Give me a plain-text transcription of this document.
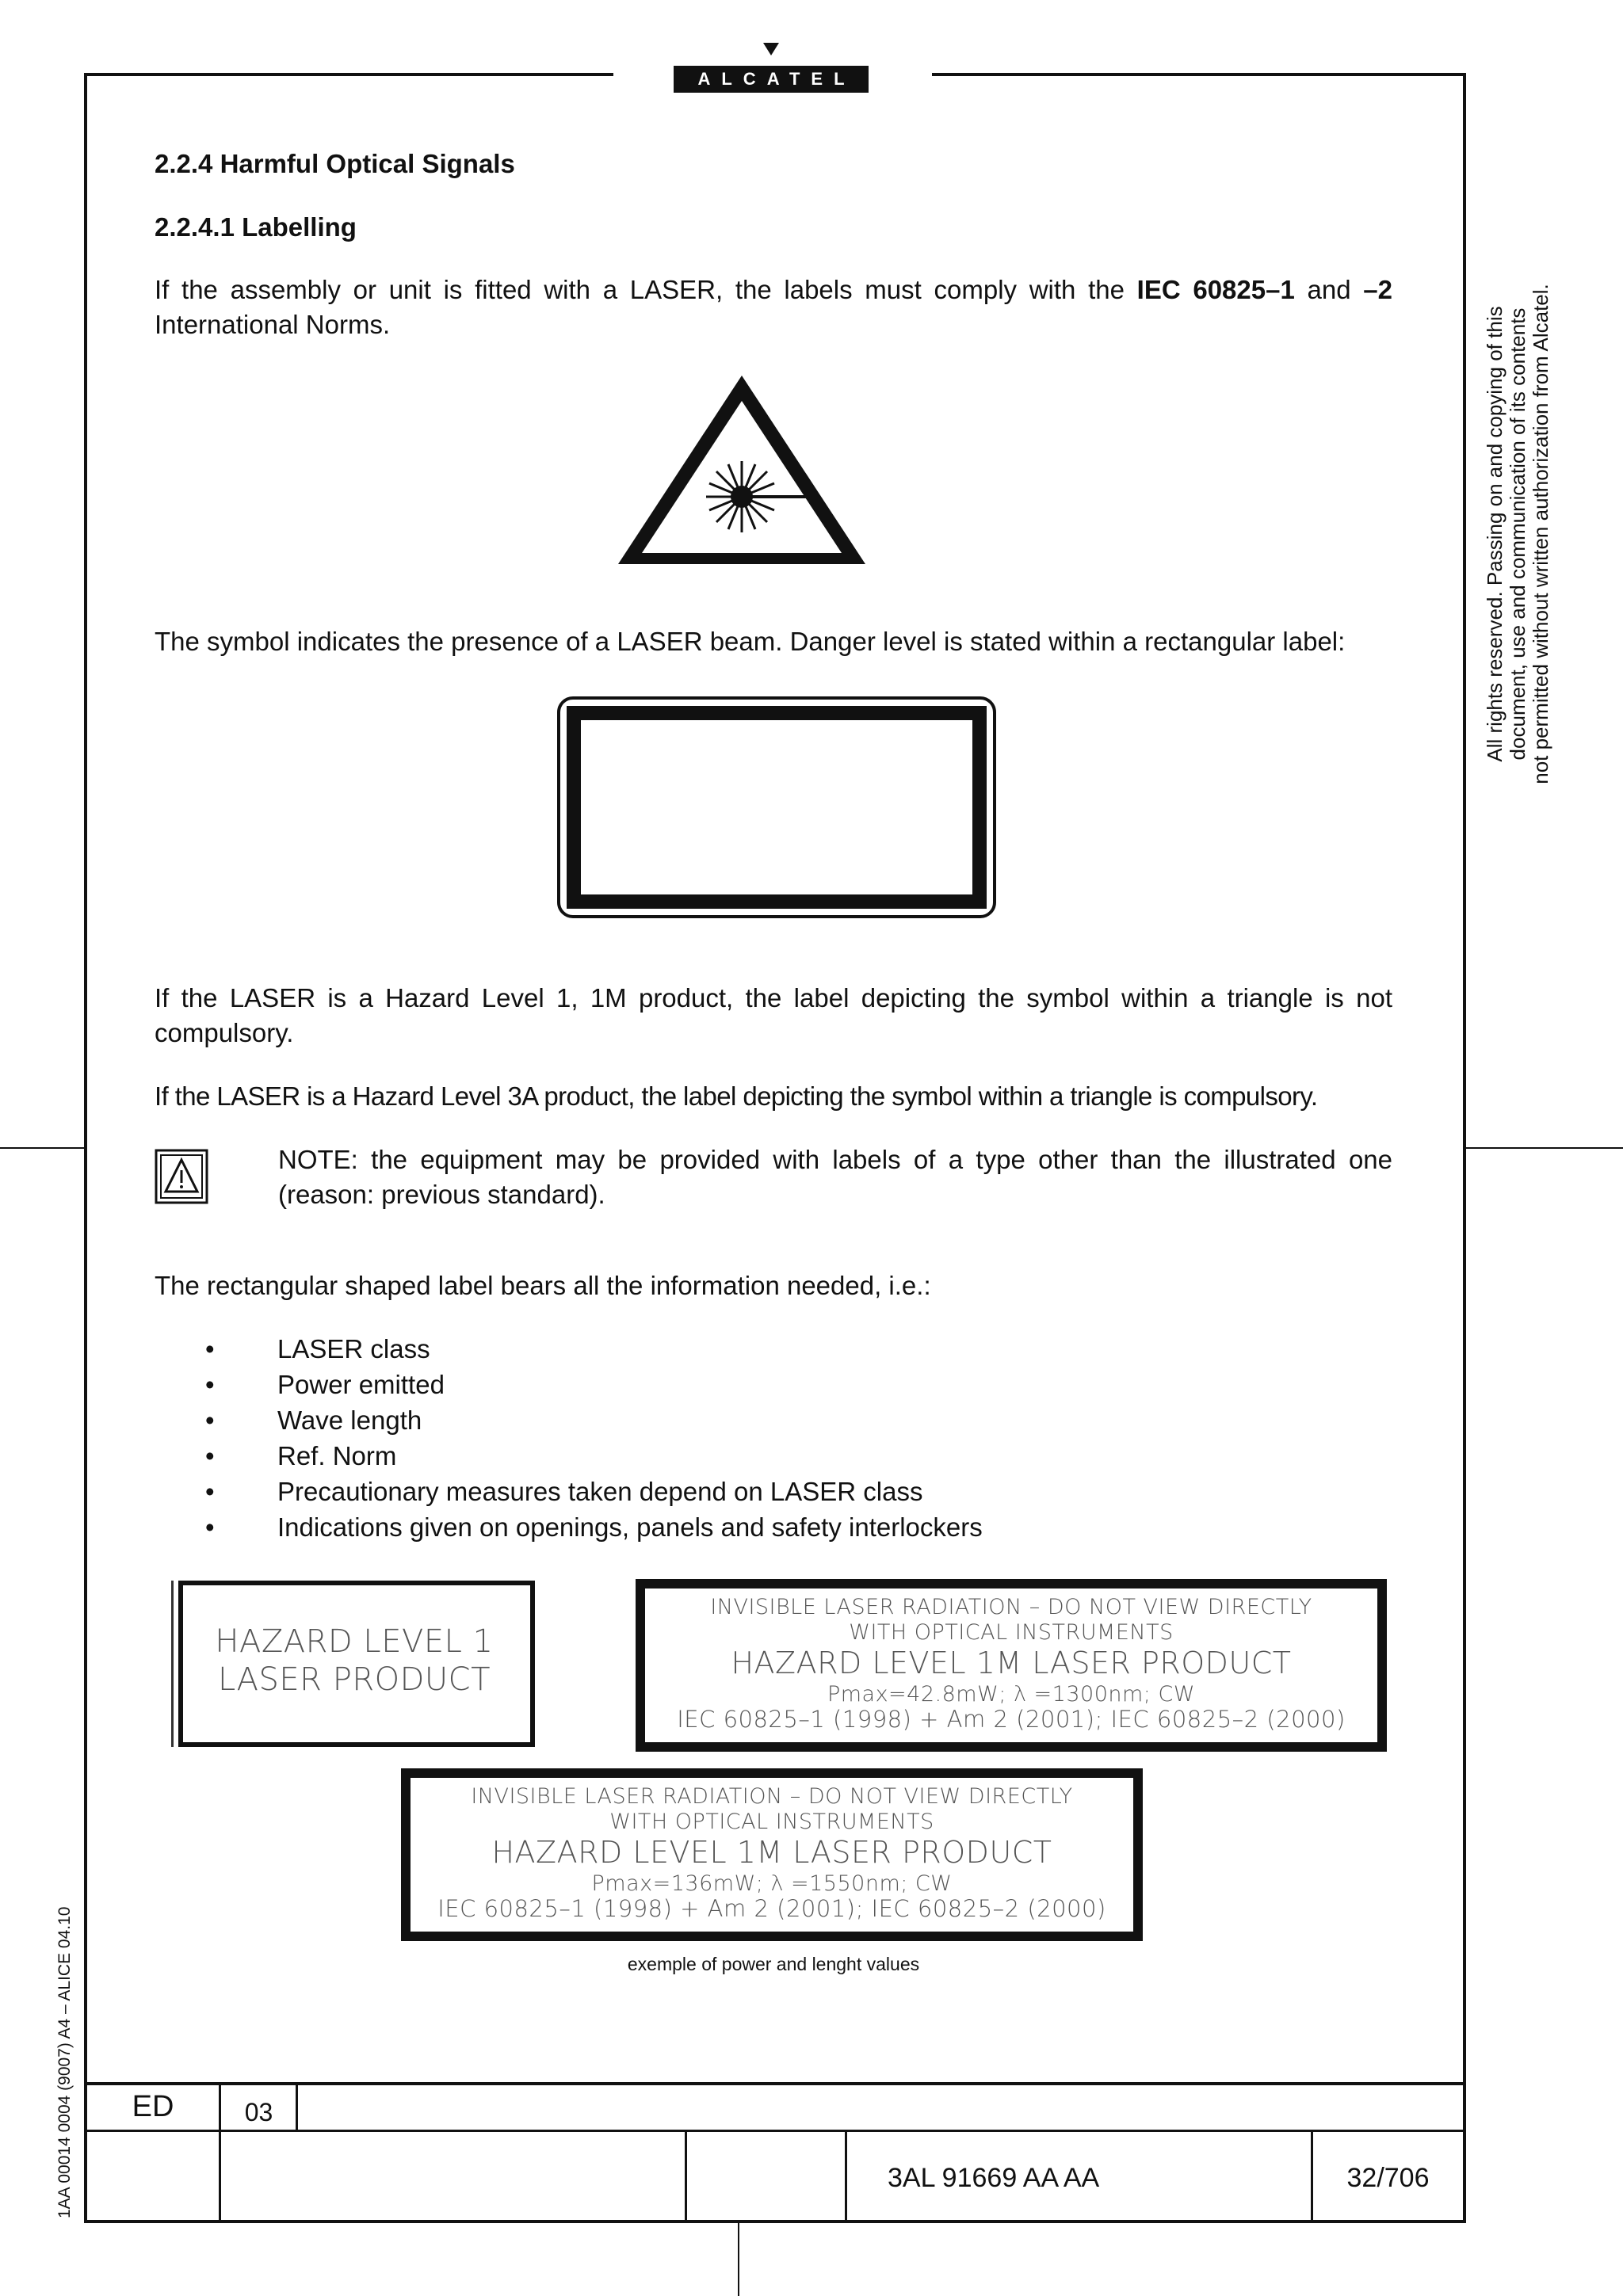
ALCATEL
2.2.4 Harmful Optical Signals
2.2.4.1 Labelling
If the assembly or unit is fitted with a LASER, the labels must comply with the IEC 60825–1 and –2
International Norms.
The symbol indicates the presence of a LASER beam. Danger level is stated within a rectangular label:
If the LASER is a Hazard Level 1, 1M product, the label depicting the symbol within a triangle is not compulsory.
If the LASER is a Hazard Level 3A product, the label depicting the symbol within a triangle is compulsory.
NOTE: the equipment may be provided with labels of a type other than the illustrated one (reason: previous standard).
The rectangular shaped label bears all the information needed, i.e.:
• LASER class
• Power emitted
• Wave length
• Ref. Norm
• Precautionary measures taken depend on LASER class
• Indications given on openings, panels and safety interlockers
HAZARD LEVEL 1
LASER PRODUCT
INVISIBLE LASER RADIATION – DO NOT VIEW DIRECTLY
WITH OPTICAL INSTRUMENTS
HAZARD LEVEL 1M LASER PRODUCT
Pmax=42.8mW; λ =1300nm; CW
IEC 60825–1 (1998) + Am 2 (2001); IEC 60825–2 (2000)
INVISIBLE LASER RADIATION – DO NOT VIEW DIRECTLY
WITH OPTICAL INSTRUMENTS
HAZARD LEVEL 1M LASER PRODUCT
Pmax=136mW; λ =1550nm; CW
IEC 60825–1 (1998) + Am 2 (2001); IEC 60825–2 (2000)
exemple of power and lenght values
All rights reserved. Passing on and copying of this document, use and communication of its contents not permitted without written authorization from Alcatel.
1AA 00014 0004 (9007) A4 – ALICE 04.10	ED	03
3AL 91669 AA AA	32/706
